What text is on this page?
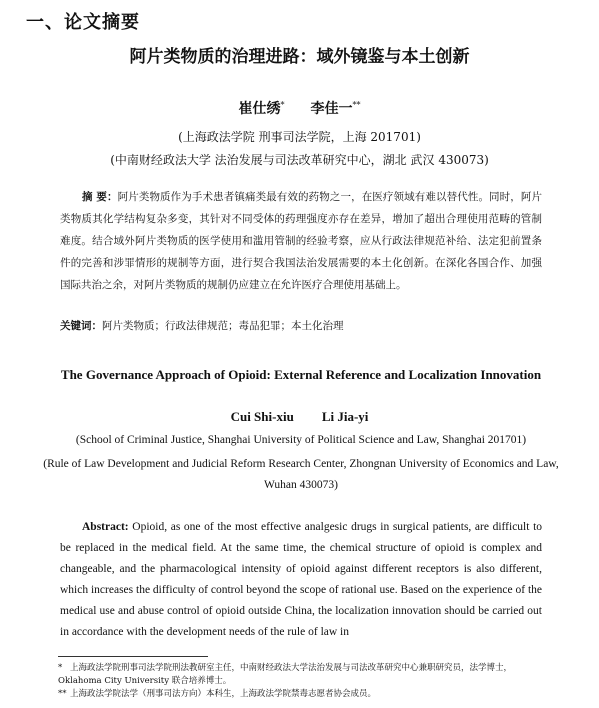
一、论文摘要
阿片类物质的治理进路：域外镜鉴与本土创新
崔仕绣* 李佳一**
(上海政法学院 刑事司法学院，上海 201701)
(中南财经政法大学 法治发展与司法改革研究中心，湖北 武汉 430073)

摘 要：阿片类物质作为手术患者镇痛类最有效的药物之一，在医疗领域有难以替代性。同时，阿片类物质其化学结构复杂多变，其针对不同受体的药理强度亦存在差异，增加了超出合理使用范畴的管制难度。结合域外阿片类物质的医学使用和滥用管制的经验考察，应从行政法律规范补给、法定犯前置条件的完善和涉罪情形的规制等方面，进行契合我国法治发展需要的本土化创新。在深化各国合作、加强国际共治之余，对阿片类物质的规制仍应建立在允许医疗合理使用基础上。

关键词：阿片类物质；行政法律规范；毒品犯罪；本土化治理

The Governance Approach of Opioid: External Reference and Localization Innovation
Cui Shi-xiu Li Jia-yi

(School of Criminal Justice, Shanghai University of Political Science and Law, Shanghai 201701)

(Rule of Law Development and Judicial Reform Research Center, Zhongnan University of Economics and Law, Wuhan 430073)

Abstract: Opioid, as one of the most effective analgesic drugs in surgical patients, are difficult to be replaced in the medical field. At the same time, the chemical structure of opioid is complex and changeable, and the pharmacological intensity of opioid against different receptors is also different, which increases the difficulty of control beyond the scope of rational use. Based on the experience of the medical use and abuse control of opioid outside China, the localization innovation should be carried out in accordance with the development needs of the rule of law in

* 上海政法学院刑事司法学院刑法教研室主任，中南财经政法大学法治发展与司法改革研究中心兼职研究员，法学博士，Oklahoma City University 联合培养博士。

** 上海政法学院法学（刑事司法方向）本科生，上海政法学院禁毒志愿者协会成员。
